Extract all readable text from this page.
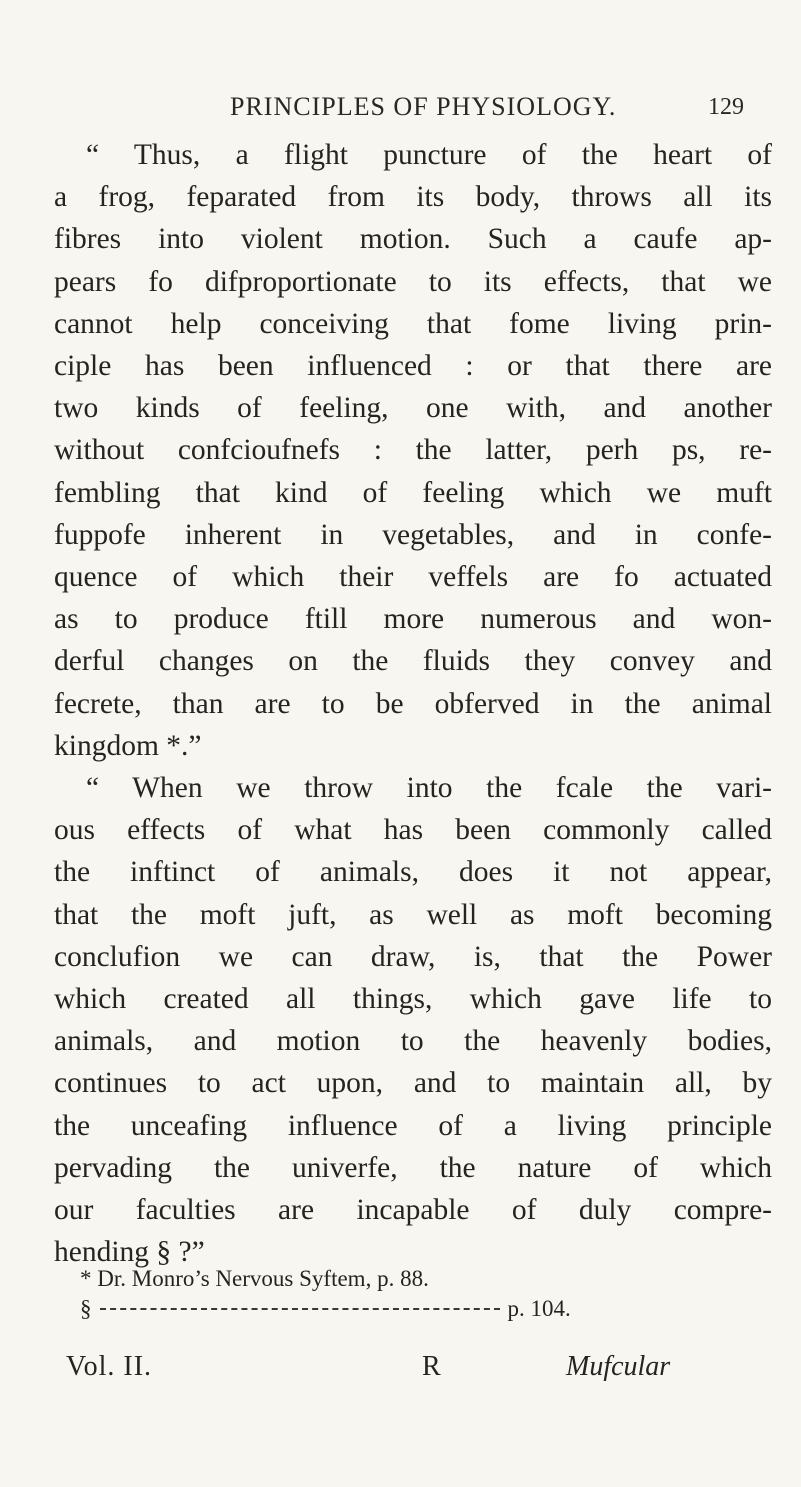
PRINCIPLES OF PHYSIOLOGY.	129
“ Thus, a flight puncture of the heart of
a frog, feparated from its body, throws all its
fibres into violent motion. Such a caufe ap-
pears fo difproportionate to its effects, that we
cannot help conceiving that fome living prin-
ciple has been influenced : or that there are
two kinds of feeling, one with, and another
without confcioufnefs : the latter, perh ps, re-
fembling that kind of feeling which we muft
fuppofe inherent in vegetables, and in confe-
quence of which their veffels are fo actuated
as to produce ftill more numerous and won-
derful changes on the fluids they convey and
fecrete, than are to be obferved in the animal
kingdom *.”
“ When we throw into the fcale the vari-
ous effects of what has been commonly called
the inftinct of animals, does it not appear,
that the moft juft, as well as moft becoming
conclufion we can draw, is, that the Power
which created all things, which gave life to
animals, and motion to the heavenly bodies,
continues to act upon, and to maintain all, by
the unceafing influence of a living principle
pervading the univerfe, the nature of which
our faculties are incapable of duly compre-
hending § ?”
* Dr. Monro’s Nervous Syftem, p. 88.
§	p. 104.
Vol. II.	R	Mufcular
